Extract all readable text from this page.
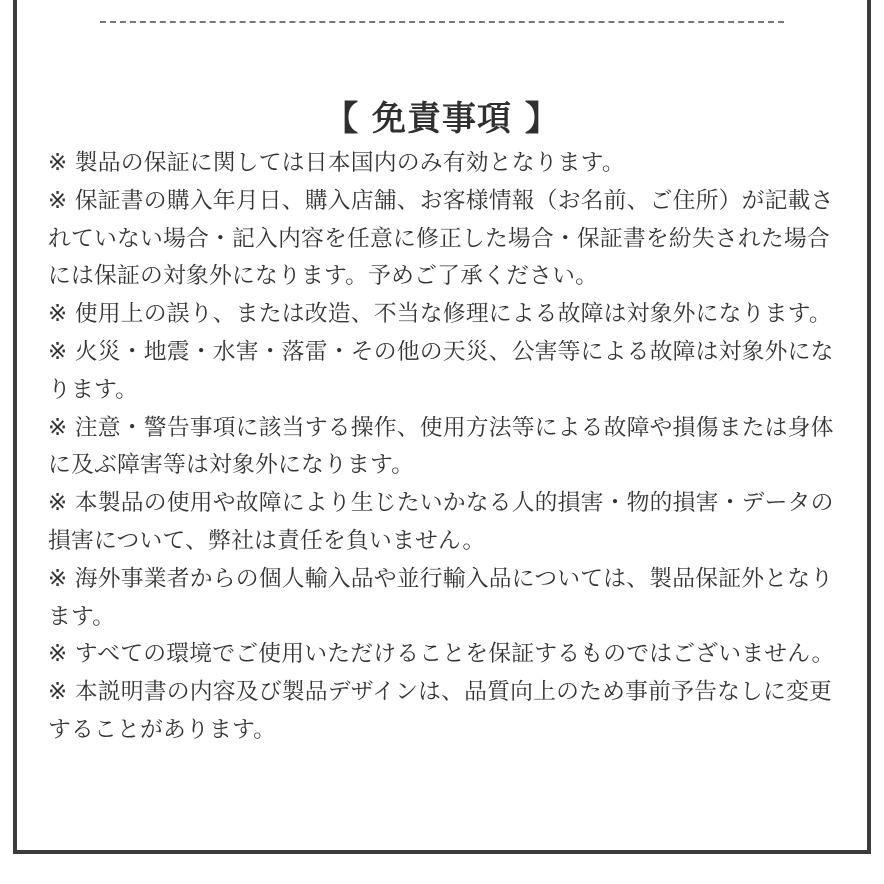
【 免責事項 】
※ 製品の保証に関しては日本国内のみ有効となります。
※ 保証書の購入年月日、購入店舗、お客様情報（お名前、ご住所）が記載されていない場合・記入内容を任意に修正した場合・保証書を紛失された場合には保証の対象外になります。予めご了承ください。
※ 使用上の誤り、または改造、不当な修理による故障は対象外になります。
※ 火災・地震・水害・落雷・その他の天災、公害等による故障は対象外になります。
※ 注意・警告事項に該当する操作、使用方法等による故障や損傷または身体に及ぶ障害等は対象外になります。
※ 本製品の使用や故障により生じたいかなる人的損害・物的損害・データの損害について、弊社は責任を負いません。
※ 海外事業者からの個人輸入品や並行輸入品については、製品保証外となります。
※ すべての環境でご使用いただけることを保証するものではございません。
※ 本説明書の内容及び製品デザインは、品質向上のため事前予告なしに変更することがあります。
